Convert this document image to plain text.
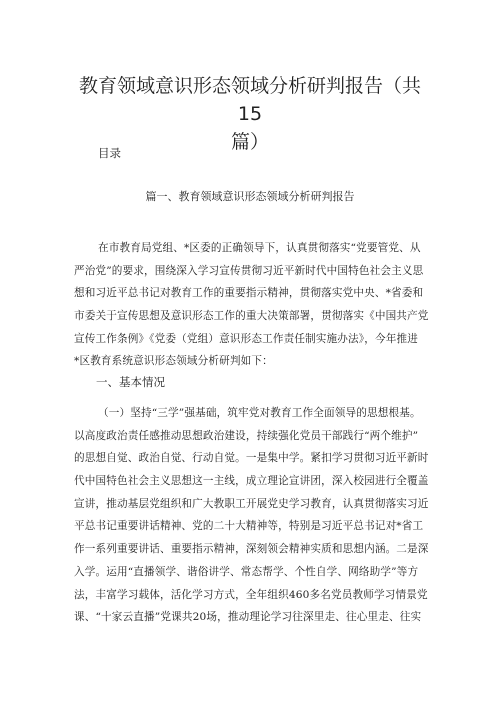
教育领域意识形态领域分析研判报告（共15
篇）
目录
篇一、教育领域意识形态领域分析研判报告
在市教育局党组、*区委的正确领导下，认真贯彻落实“党要管党、从
严治党”的要求，围绕深入学习宣传贯彻习近平新时代中国特色社会主义思
想和习近平总书记对教育工作的重要指示精神，贯彻落实党中央、*省委和
市委关于宣传思想及意识形态工作的重大决策部署，贯彻落实《中国共产党
宣传工作条例》《党委（党组）意识形态工作责任制实施办法》，今年推进
*区教育系统意识形态领域分析研判如下：
一、基本情况
（一）坚持“三学”强基础，筑牢党对教育工作全面领导的思想根基。
以高度政治责任感推动思想政治建设，持续强化党员干部践行“两个维护”
的思想自觉、政治自觉、行动自觉。一是集中学。紧扣学习贯彻习近平新时
代中国特色社会主义思想这一主线，成立理论宣讲团，深入校园进行全覆盖
宣讲，推动基层党组织和广大教职工开展党史学习教育，认真贯彻落实习近
平总书记重要讲话精神、党的二十大精神等，特别是习近平总书记对*省工
作一系列重要讲话、重要指示精神，深刻领会精神实质和思想内涵。二是深
入学。运用“直播领学、谐俗讲学、常态帮学、个性自学、网络助学”等方
法，丰富学习载体，活化学习方式，全年组织460多名党员教师学习情景党
课、“十家云直播”党课共20场，推动理论学习往深里走、往心里走、往实
